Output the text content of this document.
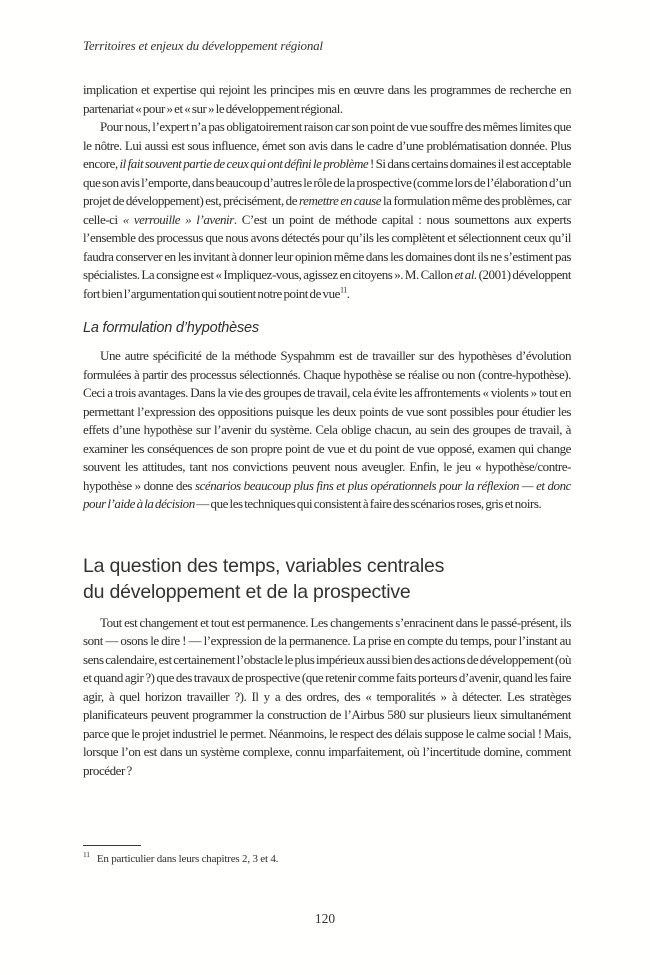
Territoires et enjeux du développement régional

implication et expertise qui rejoint les principes mis en œuvre dans les programmes de recherche en partenariat « pour » et « sur » le développement régional.

Pour nous, l’expert n’a pas obligatoirement raison car son point de vue souffre des mêmes limites que le nôtre. Lui aussi est sous influence, émet son avis dans le cadre d’une problématisation donnée. Plus encore, il fait souvent partie de ceux qui ont défini le problème ! Si dans certains domaines il est acceptable que son avis l’emporte, dans beaucoup d’autres le rôle de la prospective (comme lors de l’élaboration d’un projet de développement) est, précisément, de remettre en cause la formulation même des problèmes, car celle-ci « verrouille » l’avenir. C’est un point de méthode capital : nous soumettons aux experts l’ensemble des processus que nous avons détectés pour qu’ils les complètent et sélectionnent ceux qu’il faudra conserver en les invitant à donner leur opinion même dans les domaines dont ils ne s’estiment pas spécialistes. La consigne est « Impliquez-vous, agissez en citoyens ». M. Callon et al. (2001) développent fort bien l’argumentation qui soutient notre point de vue$^{11}$.

La formulation d’hypothèses

Une autre spécificité de la méthode Syspahmm est de travailler sur des hypothèses d’évolution formulées à partir des processus sélectionnés. Chaque hypothèse se réalise ou non (contre-hypothèse). Ceci a trois avantages. Dans la vie des groupes de travail, cela évite les affrontements « violents » tout en permettant l’expression des oppositions puisque les deux points de vue sont possibles pour étudier les effets d’une hypothèse sur l’avenir du système. Cela oblige chacun, au sein des groupes de travail, à examiner les conséquences de son propre point de vue et du point de vue opposé, examen qui change souvent les attitudes, tant nos convictions peuvent nous aveugler. Enfin, le jeu « hypothèse/contre-hypothèse » donne des scénarios beaucoup plus fins et plus opérationnels pour la réflexion — et donc pour l’aide à la décision — que les techniques qui consistent à faire des scénarios roses, gris et noirs.

La question des temps, variables centrales
du développement et de la prospective

Tout est changement et tout est permanence. Les changements s’enracinent dans le passé-présent, ils sont — osons le dire ! — l’expression de la permanence. La prise en compte du temps, pour l’instant au sens calendaire, est certainement l’obstacle le plus impérieux aussi bien des actions de développement (où et quand agir ?) que des travaux de prospective (que retenir comme faits porteurs d’avenir, quand les faire agir, à quel horizon travailler ?). Il y a des ordres, des « temporalités » à détecter. Les stratèges planificateurs peuvent programmer la construction de l’Airbus 580 sur plusieurs lieux simultanément parce que le projet industriel le permet. Néanmoins, le respect des délais suppose le calme social ! Mais, lorsque l’on est dans un système complexe, connu imparfaitement, où l’incertitude domine, comment procéder ?

$^{11}$ En particulier dans leurs chapitres 2, 3 et 4.
120
